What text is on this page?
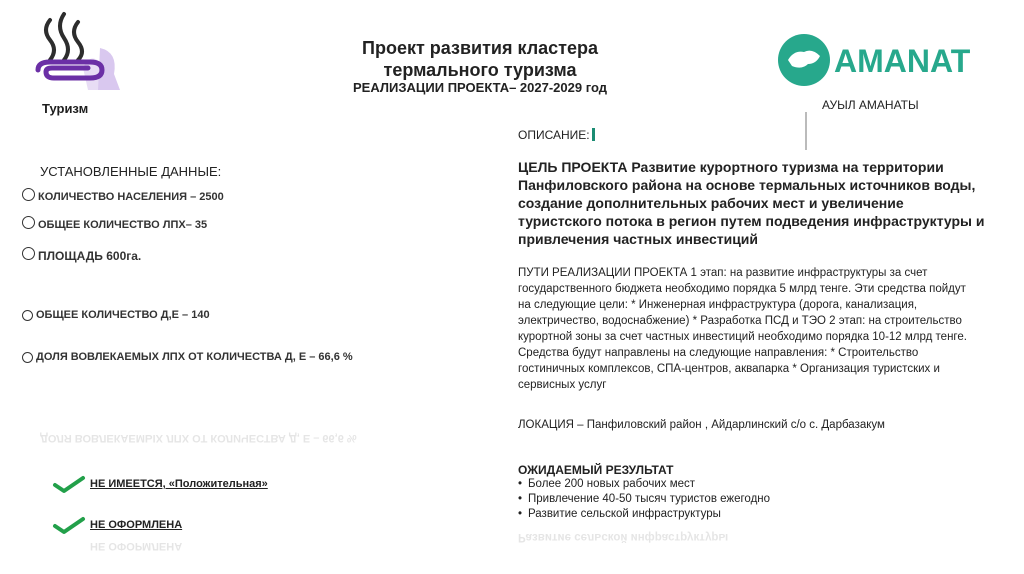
Туризм
Проект развития кластера
термального туризма
РЕАЛИЗАЦИИ ПРОЕКТА– 2027-2029 год
AMANAT
АУЫЛ АМАНАТЫ
УСТАНОВЛЕННЫЕ ДАННЫЕ:
КОЛИЧЕСТВО НАСЕЛЕНИЯ – 2500
ОБЩЕЕ КОЛИЧЕСТВО ЛПХ– 35
ПЛОЩАДЬ 600га.
ОБЩЕЕ КОЛИЧЕСТВО Д,Е – 140
ДОЛЯ ВОВЛЕКАЕМЫХ ЛПХ ОТ КОЛИЧЕСТВА Д, Е – 66,6 %
ДОЛЯ ВОВЛЕКАЕМЫХ ЛПХ ОТ КОЛИЧЕСТВА Д, Е – 66,6 %
НЕ ИМЕЕТСЯ, «Положительная»
НЕ ОФОРМЛЕНА
НЕ ОФОРМЛЕНА
ОПИСАНИЕ:
ЦЕЛЬ ПРОЕКТА Развитие курортного туризма на территории Панфиловского района на основе термальных источников воды, создание дополнительных рабочих мест и увеличение туристского потока в регион путем подведения инфраструктуры и привлечения частных инвестиций
ПУТИ РЕАЛИЗАЦИИ ПРОЕКТА 1 этап: на развитие инфраструктуры за счет государственного бюджета необходимо порядка 5 млрд тенге. Эти средства пойдут на следующие цели: * Инженерная инфраструктура (дорога, канализация, электричество, водоснабжение) * Разработка ПСД и ТЭО 2 этап: на строительство курортной зоны за счет частных инвестиций необходимо порядка 10-12 млрд тенге. Средства будут направлены на следующие направления: * Строительство гостиничных комплексов, СПА-центров, аквапарка * Организация туристских и сервисных услуг
ЛОКАЦИЯ – Панфиловский район , Айдарлинский с/о с. Дарбазакум
ОЖИДАЕМЫЙ РЕЗУЛЬТАТ
• Более 200 новых рабочих мест
• Привлечение 40-50 тысяч туристов ежегодно
• Развитие сельской инфраструктуры
Развитие сельской инфраструктуры
